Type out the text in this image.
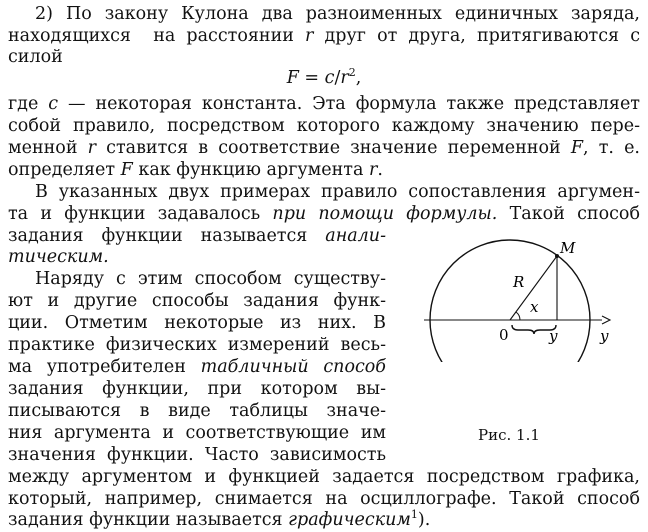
2) По закону Кулона два разноименных единичных заряда,
находящихся  на расстоянии r друг от друга, притягиваются с
силой
$F = c/r^2$,
где c — некоторая константа. Эта формула также представляет
собой правило, посредством которого каждому значению пере-
менной r ставится в соответствие значение переменной F, т. е.
определяет F как функцию аргумента r.
В указанных двух примерах правило сопоставления аргумен-
та и функции задавалось при помощи формулы. Такой способ
задания функции называется анали-
тическим.
Наряду с этим способом существу-
ют и другие способы задания функ-
ции. Отметим некоторые из них. В
практике физических измерений весь-
ма употребителен табличный способ
задания функции, при котором вы-
писываются в виде таблицы значе-
ния аргумента и соответствующие им
значения функции. Часто зависимость
между аргументом и функцией задается посредством графика,
который, например, снимается на осциллографе. Такой способ
задания функции называется графическим$^1$).
M
R
x
0	y	y
Рис. 1.1
